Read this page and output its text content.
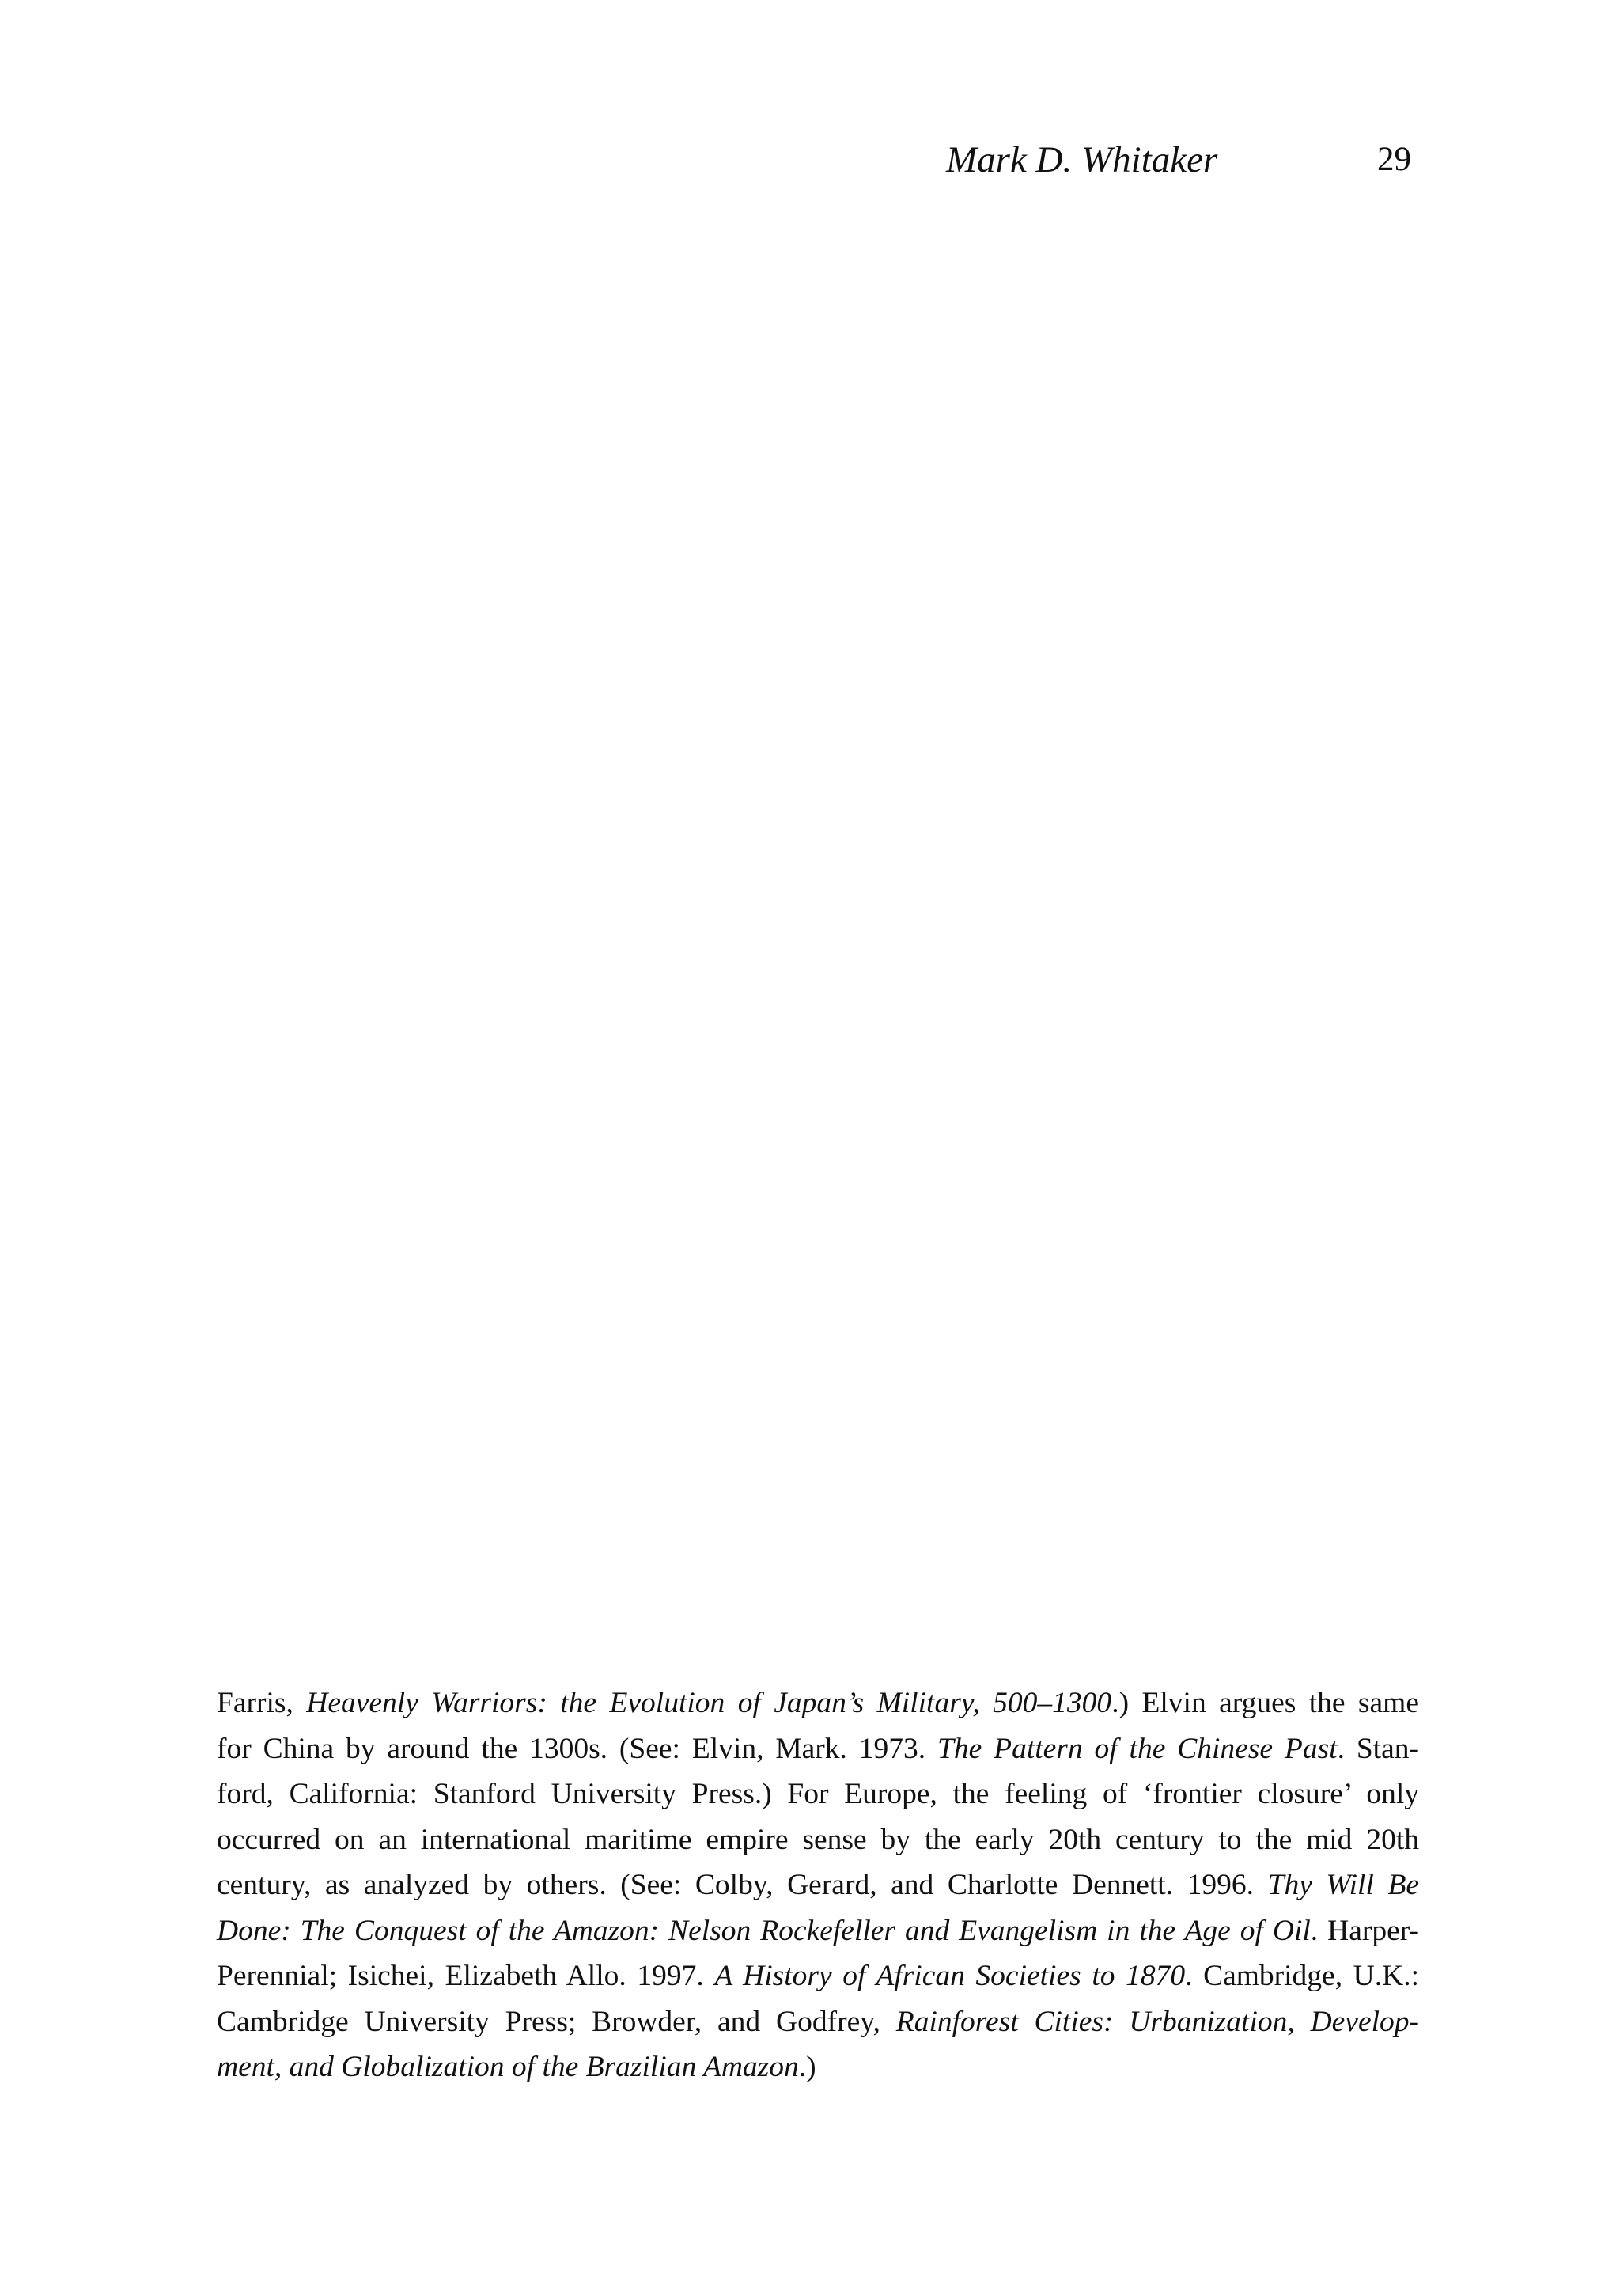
Mark D. Whitaker	29
Farris, Heavenly Warriors: the Evolution of Japan’s Military, 500–1300.) Elvin argues the same
for China by around the 1300s. (See: Elvin, Mark. 1973. The Pattern of the Chinese Past. Stan-
ford, California: Stanford University Press.) For Europe, the feeling of ‘frontier closure’ only
occurred on an international maritime empire sense by the early 20th century to the mid 20th
century, as analyzed by others. (See: Colby, Gerard, and Charlotte Dennett. 1996. Thy Will Be
Done: The Conquest of the Amazon: Nelson Rockefeller and Evangelism in the Age of Oil. Harper-
Perennial; Isichei, Elizabeth Allo. 1997. A History of African Societies to 1870. Cambridge, U.K.:
Cambridge University Press; Browder, and Godfrey, Rainforest Cities: Urbanization, Develop-
ment, and Globalization of the Brazilian Amazon.)
